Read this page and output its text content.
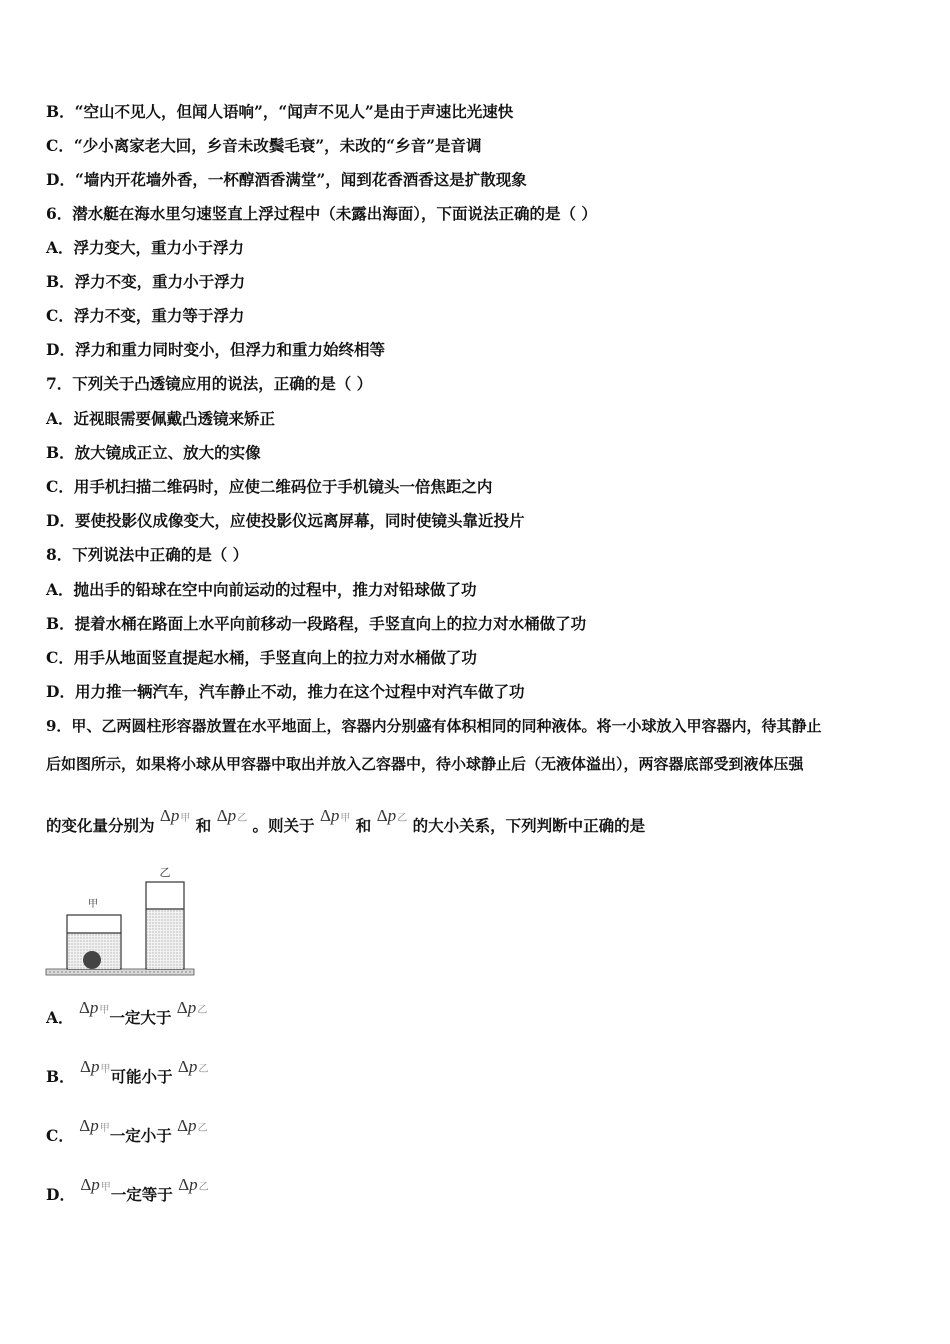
B．“空山不见人，但闻人语响”，“闻声不见人”是由于声速比光速快
C．“少小离家老大回，乡音未改鬓毛衰”，未改的“乡音”是音调
D．“墙内开花墙外香，一杯醇酒香满堂”，闻到花香酒香这是扩散现象
6．潜水艇在海水里匀速竖直上浮过程中（未露出海面），下面说法正确的是（ ）
A．浮力变大，重力小于浮力
B．浮力不变，重力小于浮力
C．浮力不变，重力等于浮力
D．浮力和重力同时变小，但浮力和重力始终相等
7．下列关于凸透镜应用的说法，正确的是（ ）
A．近视眼需要佩戴凸透镜来矫正
B．放大镜成正立、放大的实像
C．用手机扫描二维码时，应使二维码位于手机镜头一倍焦距之内
D．要使投影仪成像变大，应使投影仪远离屏幕，同时使镜头靠近投片
8．下列说法中正确的是（ ）
A．抛出手的铅球在空中向前运动的过程中，推力对铅球做了功
B．提着水桶在路面上水平向前移动一段路程，手竖直向上的拉力对水桶做了功
C．用手从地面竖直提起水桶，手竖直向上的拉力对水桶做了功
D．用力推一辆汽车，汽车静止不动，推力在这个过程中对汽车做了功
9．甲、乙两圆柱形容器放置在水平地面上，容器内分别盛有体积相同的同种液体。将一小球放入甲容器内，待其静止
后如图所示，如果将小球从甲容器中取出并放入乙容器中，待小球静止后（无液体溢出），两容器底部受到液体压强
的变化量分别为 Δp甲 和 Δp乙 。则关于 Δp甲 和 Δp乙 的大小关系，下列判断中正确的是
甲
乙
A． Δp甲一定大于 Δp乙
B． Δp甲可能小于 Δp乙
C． Δp甲一定小于 Δp乙
D． Δp甲一定等于 Δp乙
